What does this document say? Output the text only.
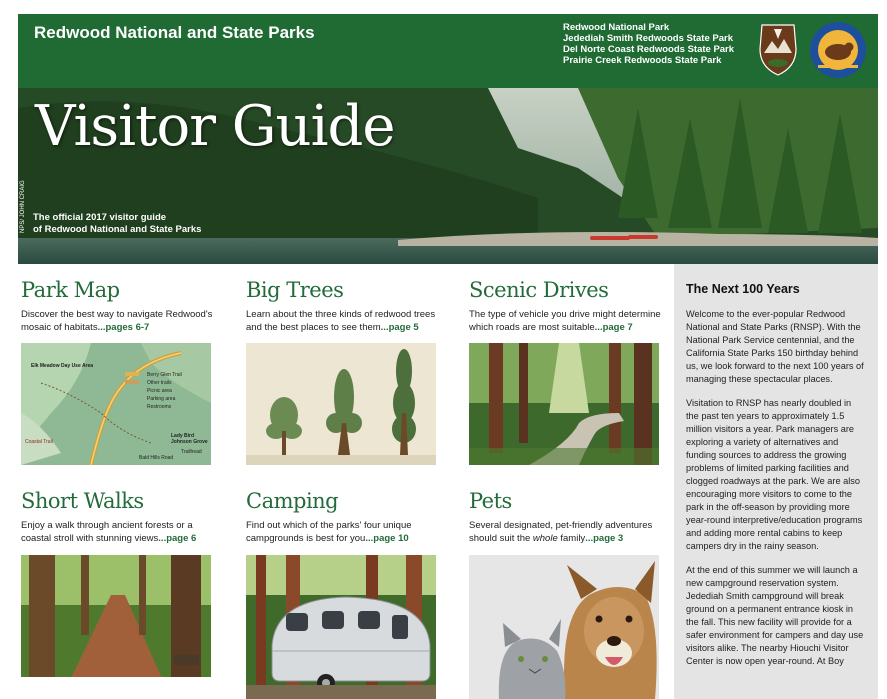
Redwood National and State Parks	Redwood National Park
Jedediah Smith Redwoods State Park
Del Norte Coast Redwoods State Park
Prairie Creek Redwoods State Park
Visitor Guide
The official 2017 visitor guide
of Redwood National and State Parks
NPS/ JOHN CRAIG
Park Map

Discover the best way to navigate Redwood's mosaic of habitats...pages 6-7

Elk Meadow Day Use Area
Berry Glen Trail
Other trails
Picnic area
Parking area
Restrooms
Lady Bird Johnson Grove
Trailhead
Coastal Trail
Bald Hills Road
Big Trees

Learn about the three kinds of redwood trees and the best places to see them...page 5

Scenic Drives

The type of vehicle you drive might determine which roads are most suitable...page 7

Short Walks

Enjoy a walk through ancient forests or a coastal stroll with stunning views...page 6

Camping

Find out which of the parks' four unique campgrounds is best for you...page 10

Pets

Several designated, pet-friendly adventures should suit the whole family...page 3

The Next 100 Years

Welcome to the ever-popular Redwood National and State Parks (RNSP). With the National Park Service centennial, and the California State Parks 150 birthday behind us, we look forward to the next 100 years of managing these spectacular places.

Visitation to RNSP has nearly doubled in the past ten years to approximately 1.5 million visitors a year. Park managers are exploring a variety of alternatives and funding sources to address the growing problems of limited parking facilities and clogged roadways at the park. We are also encouraging more visitors to come to the park in the off-season by providing more year-round interpretive/education programs and adding more rental cabins to keep campers dry in the rainy season.

At the end of this summer we will launch a new campground reservation system. Jedediah Smith campground will break ground on a permanent entrance kiosk in the fall. This new facility will provide for a safer environment for campers and day use visitors alike. The nearby Hiouchi Visitor Center is now open year-round. At Boy
